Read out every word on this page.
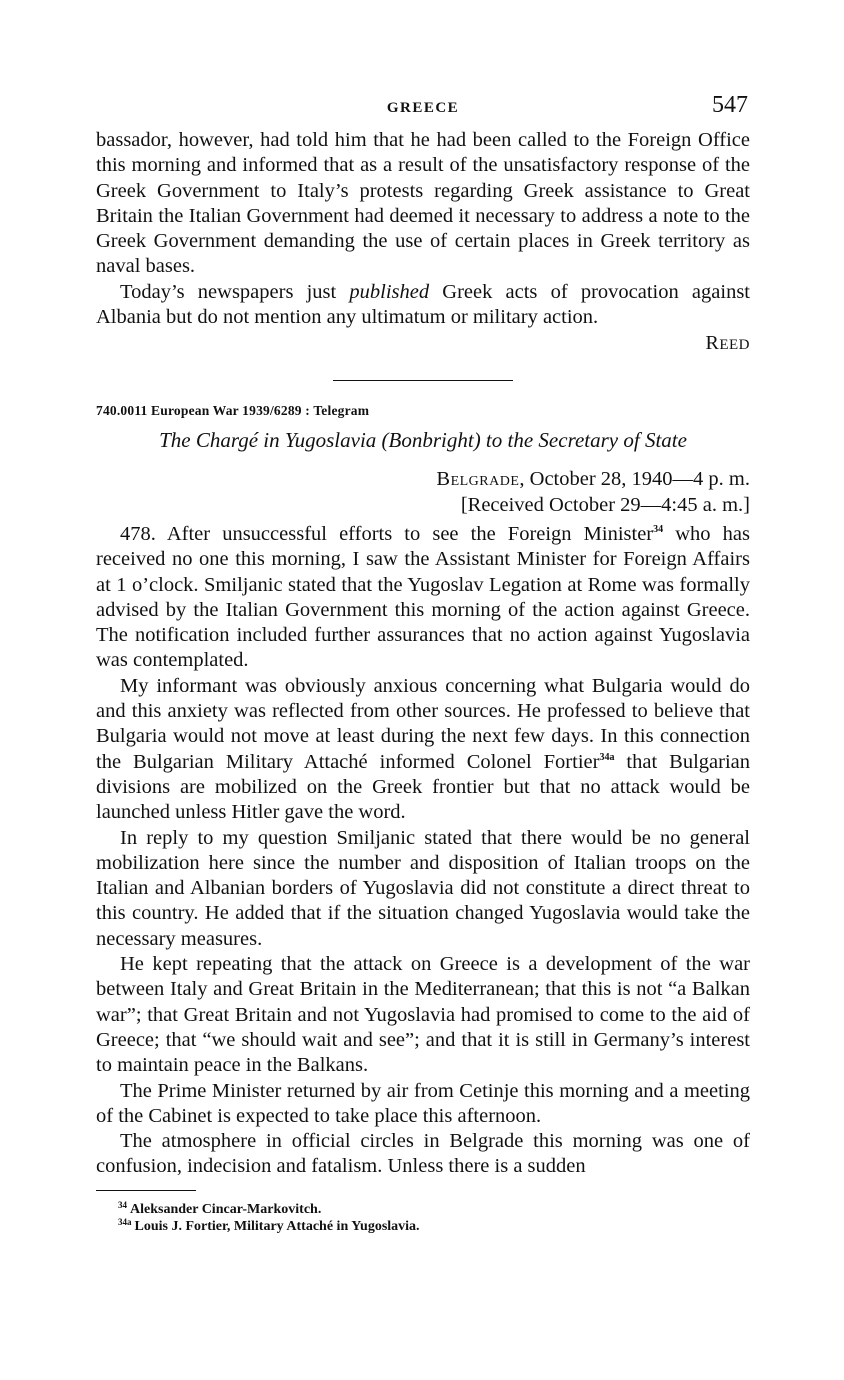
GREECE	547

bassador, however, had told him that he had been called to the Foreign Office this morning and informed that as a result of the unsatisfactory response of the Greek Government to Italy’s protests regarding Greek assistance to Great Britain the Italian Government had deemed it necessary to address a note to the Greek Government demanding the use of certain places in Greek territory as naval bases.

Today’s newspapers just published Greek acts of provocation against Albania but do not mention any ultimatum or military action.

REED
740.0011 European War 1939/6289 : Telegram
The Chargé in Yugoslavia (Bonbright) to the Secretary of State
Belgrade, October 28, 1940—4 p. m.
[Received October 29—4:45 a. m.]

478. After unsuccessful efforts to see the Foreign Minister$^{34}$ who has received no one this morning, I saw the Assistant Minister for Foreign Affairs at 1 o’clock. Smiljanic stated that the Yugoslav Legation at Rome was formally advised by the Italian Government this morning of the action against Greece. The notification included further assurances that no action against Yugoslavia was contemplated.

My informant was obviously anxious concerning what Bulgaria would do and this anxiety was reflected from other sources. He professed to believe that Bulgaria would not move at least during the next few days. In this connection the Bulgarian Military Attaché informed Colonel Fortier$^{34a}$ that Bulgarian divisions are mobilized on the Greek frontier but that no attack would be launched unless Hitler gave the word.

In reply to my question Smiljanic stated that there would be no general mobilization here since the number and disposition of Italian troops on the Italian and Albanian borders of Yugoslavia did not constitute a direct threat to this country. He added that if the situation changed Yugoslavia would take the necessary measures.

He kept repeating that the attack on Greece is a development of the war between Italy and Great Britain in the Mediterranean; that this is not “a Balkan war”; that Great Britain and not Yugoslavia had promised to come to the aid of Greece; that “we should wait and see”; and that it is still in Germany’s interest to maintain peace in the Balkans.

The Prime Minister returned by air from Cetinje this morning and a meeting of the Cabinet is expected to take place this afternoon.

The atmosphere in official circles in Belgrade this morning was one of confusion, indecision and fatalism. Unless there is a sudden

$^{34}$ Aleksander Cincar-Markovitch.
$^{34a}$ Louis J. Fortier, Military Attaché in Yugoslavia.
